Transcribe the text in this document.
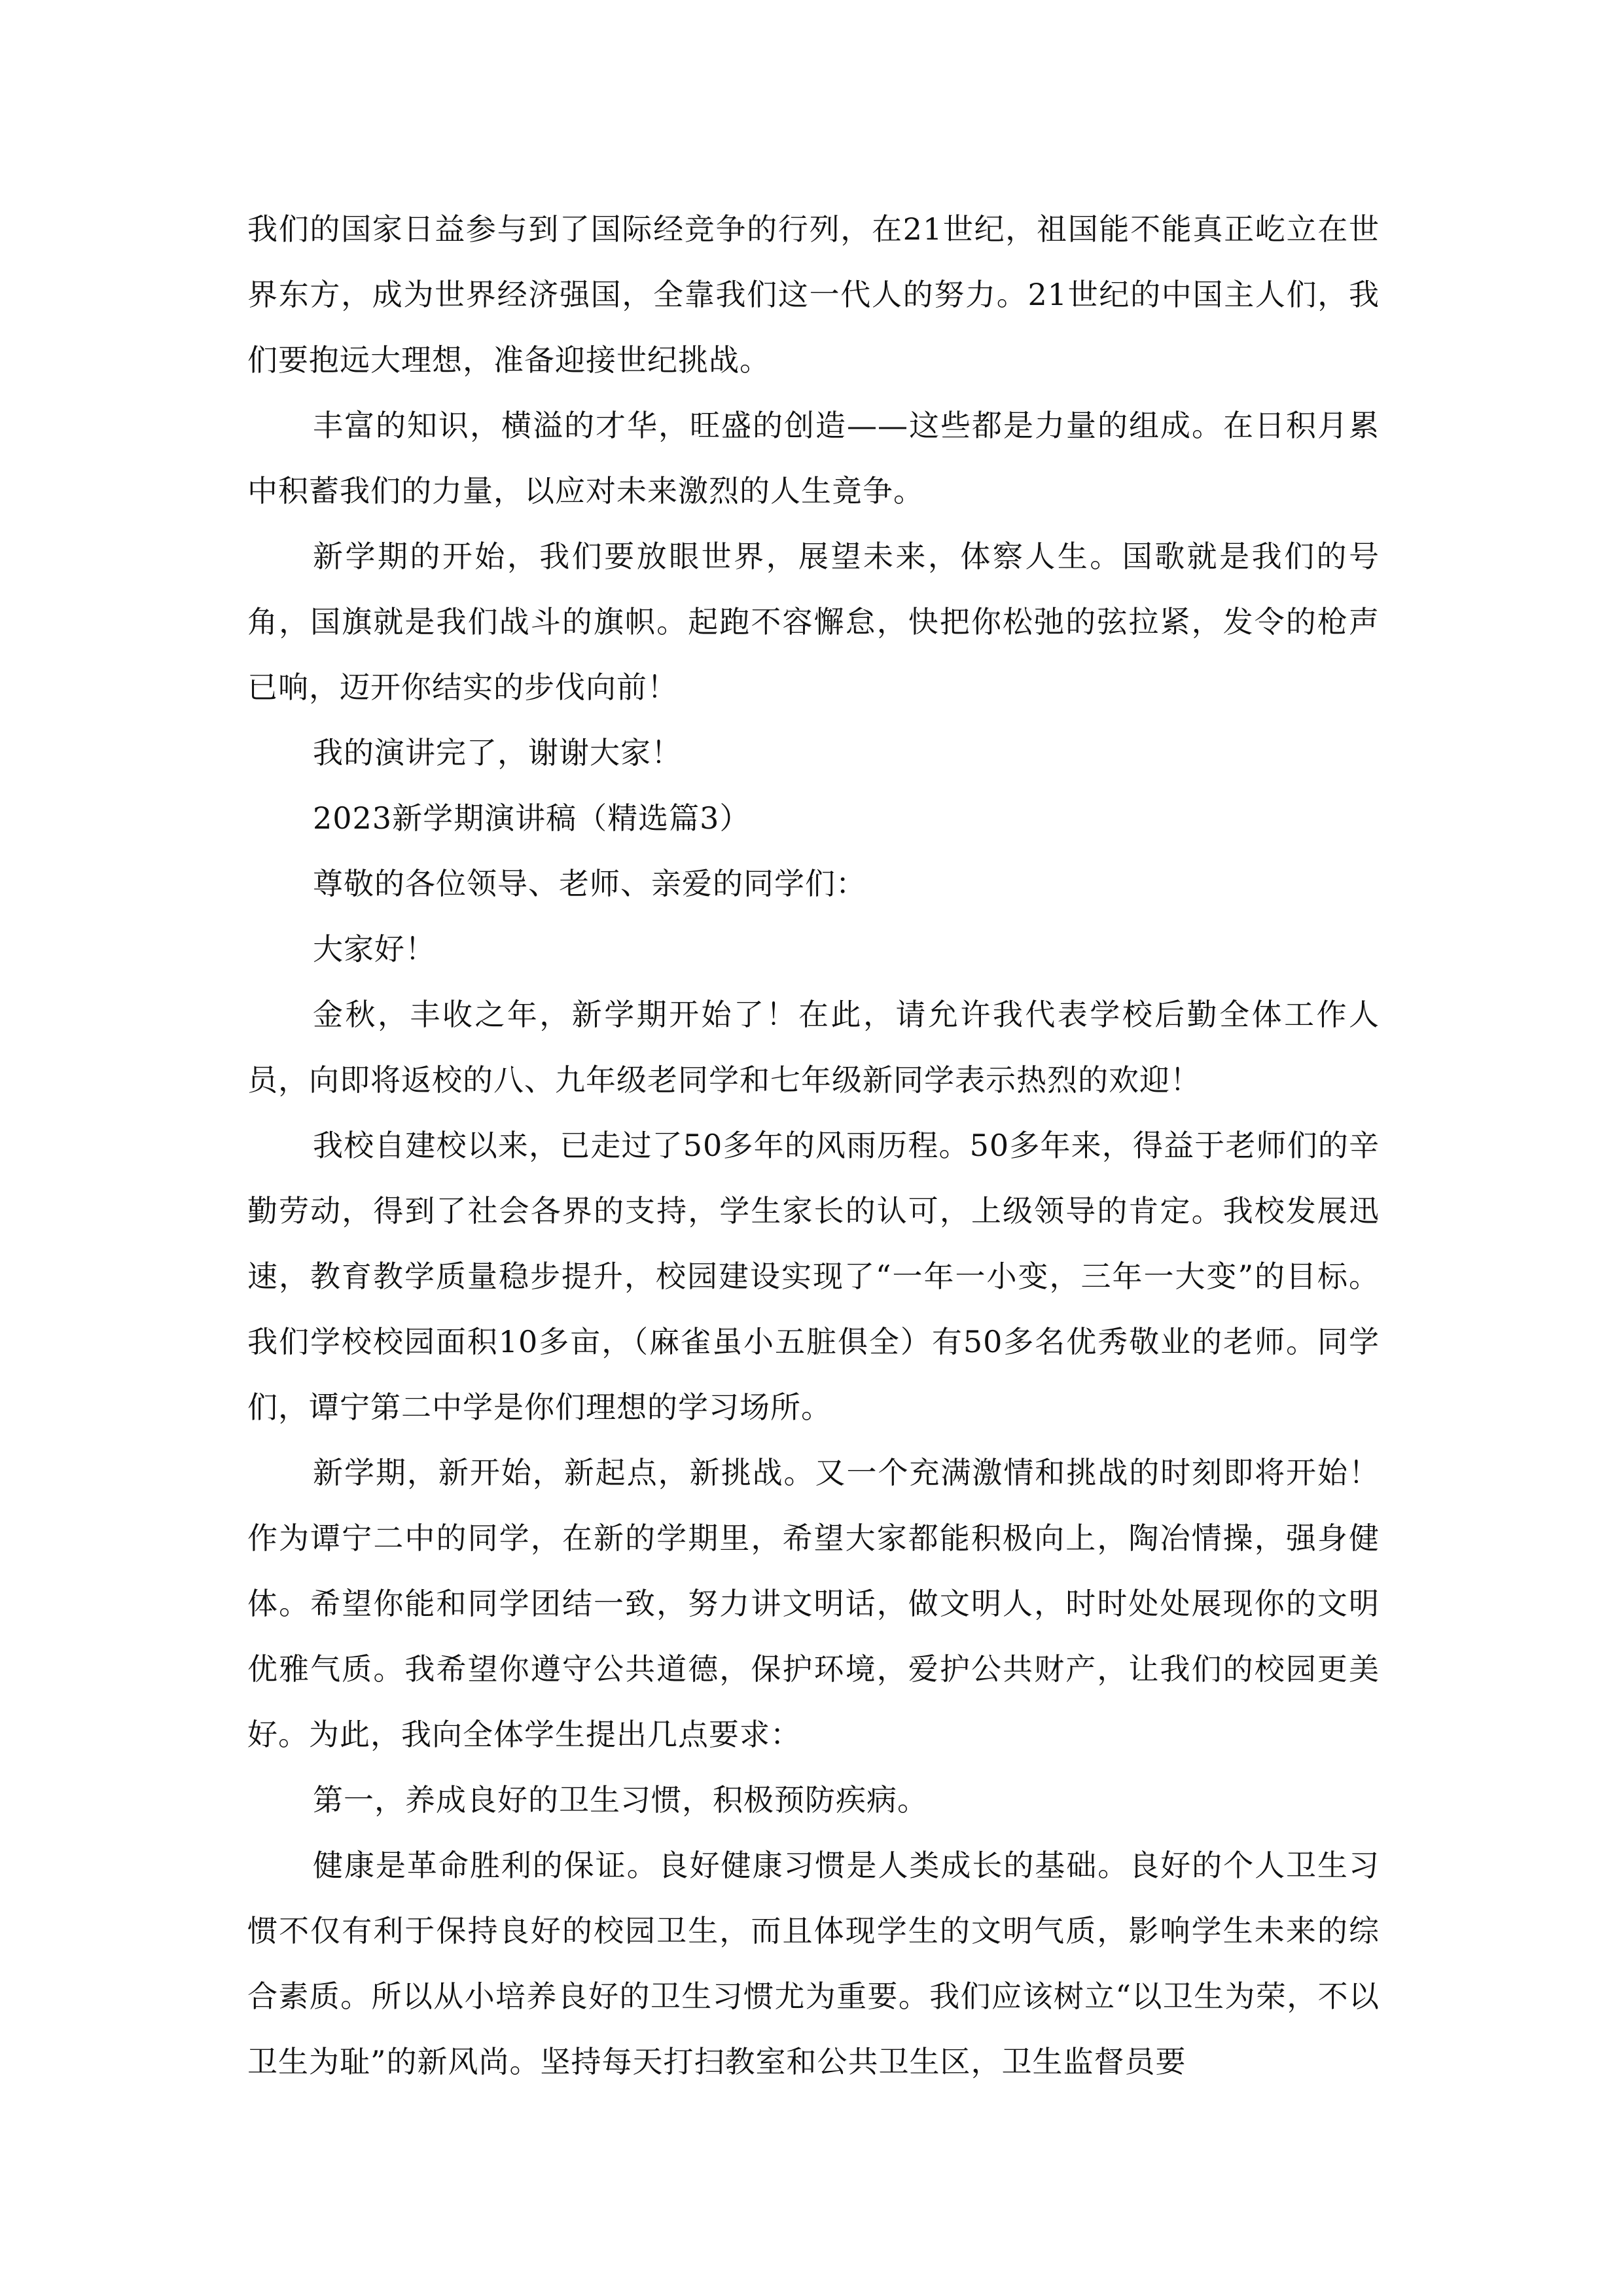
我们的国家日益参与到了国际经竞争的行列，在21世纪，祖国能不能真正屹立在世界东方，成为世界经济强国，全靠我们这一代人的努力。21世纪的中国主人们，我们要抱远大理想，准备迎接世纪挑战。

丰富的知识，横溢的才华，旺盛的创造——这些都是力量的组成。在日积月累中积蓄我们的力量，以应对未来激烈的人生竟争。

新学期的开始，我们要放眼世界，展望未来，体察人生。国歌就是我们的号角，国旗就是我们战斗的旗帜。起跑不容懈怠，快把你松弛的弦拉紧，发令的枪声已响，迈开你结实的步伐向前！

我的演讲完了，谢谢大家！

2023新学期演讲稿（精选篇3）

尊敬的各位领导、老师、亲爱的同学们：

大家好！

金秋，丰收之年，新学期开始了！在此，请允许我代表学校后勤全体工作人员，向即将返校的八、九年级老同学和七年级新同学表示热烈的欢迎！

我校自建校以来，已走过了50多年的风雨历程。50多年来，得益于老师们的辛勤劳动，得到了社会各界的支持，学生家长的认可，上级领导的肯定。我校发展迅速，教育教学质量稳步提升，校园建设实现了“一年一小变，三年一大变”的目标。我们学校校园面积10多亩，（麻雀虽小五脏俱全）有50多名优秀敬业的老师。同学们，谭宁第二中学是你们理想的学习场所。

新学期，新开始，新起点，新挑战。又一个充满激情和挑战的时刻即将开始！作为谭宁二中的同学，在新的学期里，希望大家都能积极向上，陶冶情操，强身健体。希望你能和同学团结一致，努力讲文明话，做文明人，时时处处展现你的文明优雅气质。我希望你遵守公共道德，保护环境，爱护公共财产，让我们的校园更美好。为此，我向全体学生提出几点要求：

第一，养成良好的卫生习惯，积极预防疾病。

健康是革命胜利的保证。良好健康习惯是人类成长的基础。良好的个人卫生习惯不仅有利于保持良好的校园卫生，而且体现学生的文明气质，影响学生未来的综合素质。所以从小培养良好的卫生习惯尤为重要。我们应该树立“以卫生为荣，不以卫生为耻”的新风尚。坚持每天打扫教室和公共卫生区，卫生监督员要
